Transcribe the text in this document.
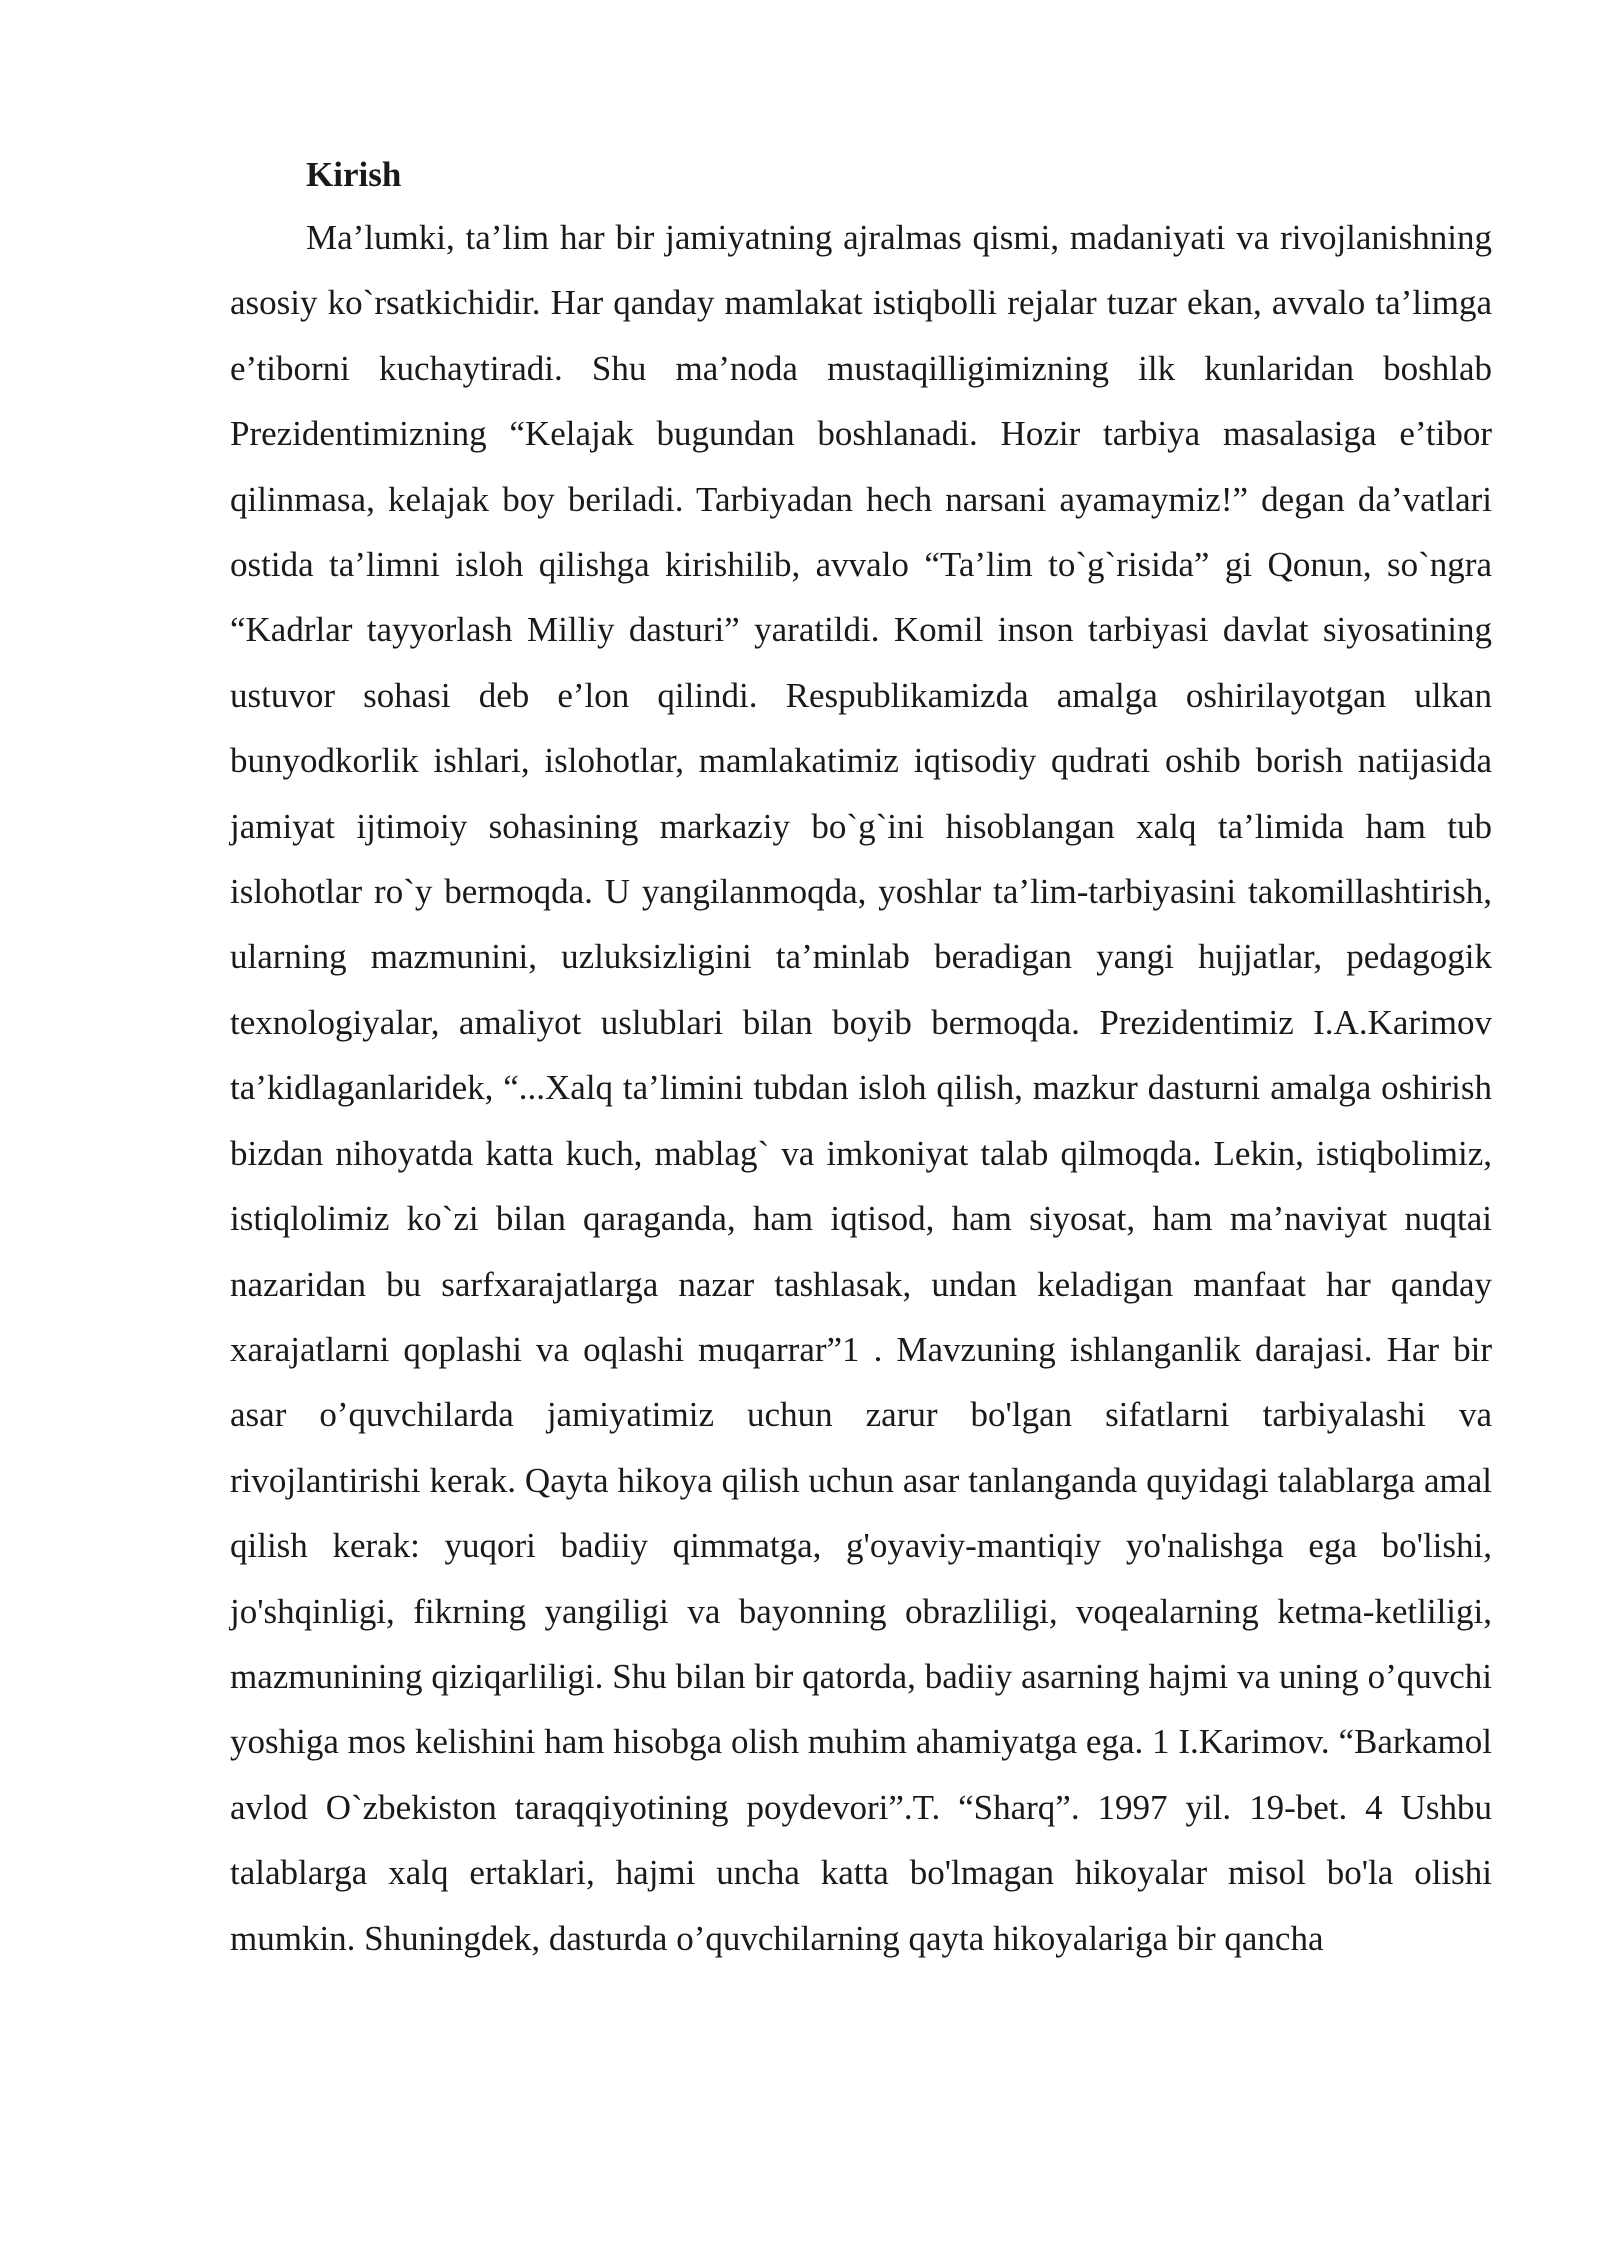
Kirish

Ma’lumki, ta’lim har bir jamiyatning ajralmas qismi, madaniyati va rivojlanishning asosiy ko`rsatkichidir. Har qanday mamlakat istiqbolli rejalar tuzar ekan, avvalo ta’limga e’tiborni kuchaytiradi. Shu ma’noda mustaqilligimizning ilk kunlaridan boshlab Prezidentimizning “Kelajak bugundan boshlanadi. Hozir tarbiya masalasiga e’tibor qilinmasa, kelajak boy beriladi. Tarbiyadan hech narsani ayamaymiz!” degan da’vatlari ostida ta’limni isloh qilishga kirishilib, avvalo “Ta’lim to`g`risida” gi Qonun, so`ngra “Kadrlar tayyorlash Milliy dasturi” yaratildi. Komil inson tarbiyasi davlat siyosatining ustuvor sohasi deb e’lon qilindi. Respublikamizda amalga oshirilayotgan ulkan bunyodkorlik ishlari, islohotlar, mamlakatimiz iqtisodiy qudrati oshib borish natijasida jamiyat ijtimoiy sohasining markaziy bo`g`ini hisoblangan xalq ta’limida ham tub islohotlar ro`y bermoqda. U yangilanmoqda, yoshlar ta’lim-tarbiyasini takomillashtirish, ularning mazmunini, uzluksizligini ta’minlab beradigan yangi hujjatlar, pedagogik texnologiyalar, amaliyot uslublari bilan boyib bermoqda. Prezidentimiz I.A.Karimov ta’kidlaganlaridek, “...Xalq ta’limini tubdan isloh qilish, mazkur dasturni amalga oshirish bizdan nihoyatda katta kuch, mablag` va imkoniyat talab qilmoqda. Lekin, istiqbolimiz, istiqlolimiz ko`zi bilan qaraganda, ham iqtisod, ham siyosat, ham ma’naviyat nuqtai nazaridan bu sarfxarajatlarga nazar tashlasak, undan keladigan manfaat har qanday xarajatlarni qoplashi va oqlashi muqarrar”1 . Mavzuning ishlanganlik darajasi. Har bir asar o’quvchilarda jamiyatimiz uchun zarur bo'lgan sifatlarni tarbiyalashi va rivojlantirishi kerak. Qayta hikoya qilish uchun asar tanlanganda quyidagi talablarga amal qilish kerak: yuqori badiiy qimmatga, g'oyaviy-mantiqiy yo'nalishga ega bo'lishi, jo'shqinligi, fikrning yangiligi va bayonning obrazliligi, voqealarning ketma-ketliligi, mazmunining qiziqarliligi. Shu bilan bir qatorda, badiiy asarning hajmi va uning o’quvchi yoshiga mos kelishini ham hisobga olish muhim ahamiyatga ega. 1 I.Karimov. “Barkamol avlod O`zbekiston taraqqiyotining poydevori”.T. “Sharq”. 1997 yil. 19-bet. 4 Ushbu talablarga xalq ertaklari, hajmi uncha katta bo'lmagan hikoyalar misol bo'la olishi mumkin. Shuningdek, dasturda o’quvchilarning qayta hikoyalariga bir qancha
